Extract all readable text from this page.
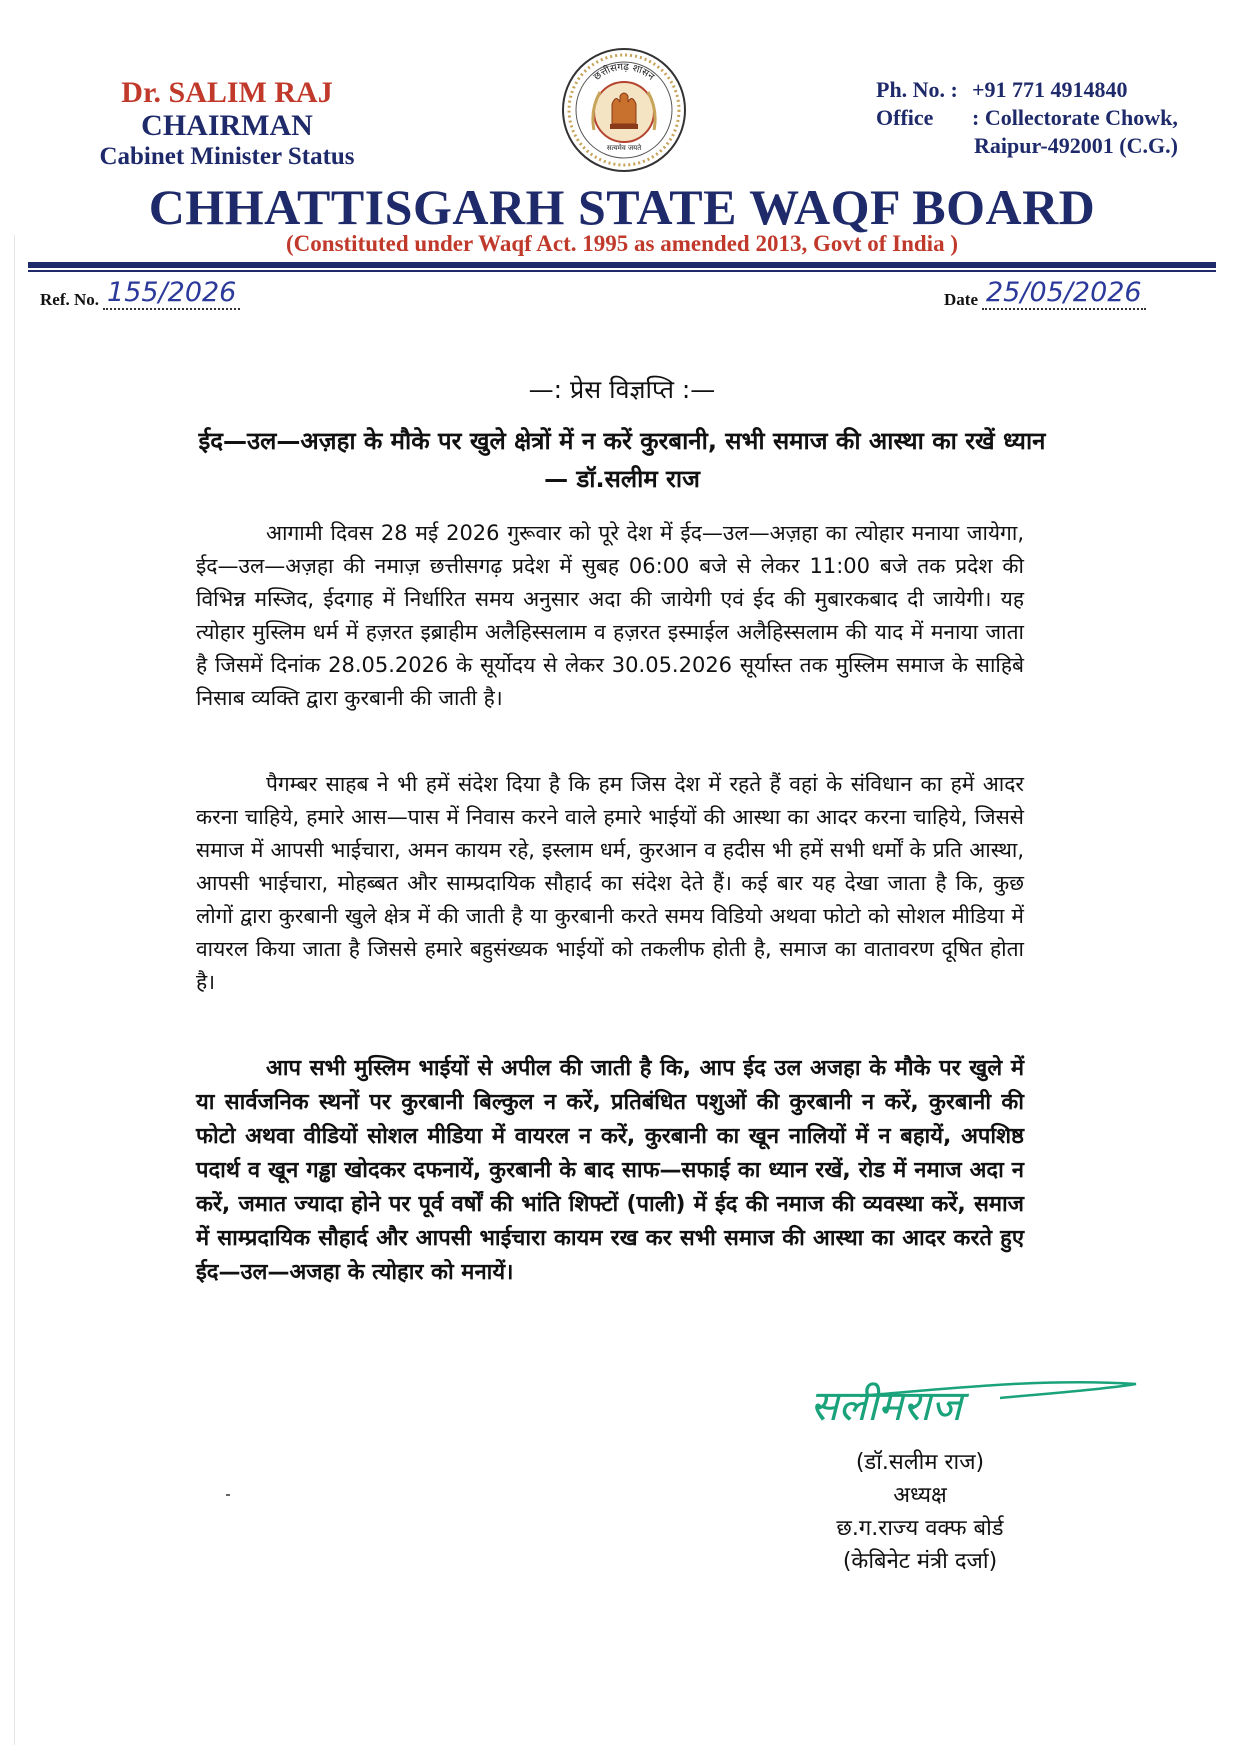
Dr. SALIM RAJ
CHAIRMAN
Cabinet Minister Status
छत्तीसगढ़ शासन
सत्यमेव जयते
Ph. No. : +91 771 4914840
Office	: Collectorate Chowk,
Raipur-492001 (C.G.)
CHHATTISGARH STATE WAQF BOARD
(Constituted under Waqf Act. 1995 as amended 2013, Govt of India )
Ref. No. 155/2026	Date 25/05/2026
—: प्रेस विज्ञप्ति :—
ईद—उल—अज़हा के मौके पर खुले क्षेत्रों में न करें कुरबानी, सभी समाज की आस्था का रखें ध्यान — डॉ.सलीम राज
आगामी दिवस 28 मई 2026 गुरूवार को पूरे देश में ईद—उल—अज़हा का त्योहार मनाया जायेगा, ईद—उल—अज़हा की नमाज़ छत्तीसगढ़ प्रदेश में सुबह 06:00 बजे से लेकर 11:00 बजे तक प्रदेश की विभिन्न मस्जिद, ईदगाह में निर्धारित समय अनुसार अदा की जायेगी एवं ईद की मुबारकबाद दी जायेगी। यह त्योहार मुस्लिम धर्म में हज़रत इब्राहीम अलैहिस्सलाम व हज़रत इस्माईल अलैहिस्सलाम की याद में मनाया जाता है जिसमें दिनांक 28.05.2026 के सूर्योदय से लेकर 30.05.2026 सूर्यास्त तक मुस्लिम समाज के साहिबे निसाब व्यक्ति द्वारा कुरबानी की जाती है।
पैगम्बर साहब ने भी हमें संदेश दिया है कि हम जिस देश में रहते हैं वहां के संविधान का हमें आदर करना चाहिये, हमारे आस—पास में निवास करने वाले हमारे भाईयों की आस्था का आदर करना चाहिये, जिससे समाज में आपसी भाईचारा, अमन कायम रहे, इस्लाम धर्म, कुरआन व हदीस भी हमें सभी धर्मों के प्रति आस्था, आपसी भाईचारा, मोहब्बत और साम्प्रदायिक सौहार्द का संदेश देते हैं। कई बार यह देखा जाता है कि, कुछ लोगों द्वारा कुरबानी खुले क्षेत्र में की जाती है या कुरबानी करते समय विडियो अथवा फोटो को सोशल मीडिया में वायरल किया जाता है जिससे हमारे बहुसंख्यक भाईयों को तकलीफ होती है, समाज का वातावरण दूषित होता है।
आप सभी मुस्लिम भाईयों से अपील की जाती है कि, आप ईद उल अजहा के मौके पर खुले में या सार्वजनिक स्थनों पर कुरबानी बिल्कुल न करें, प्रतिबंधित पशुओं की कुरबानी न करें, कुरबानी की फोटो अथवा वीडियों सोशल मीडिया में वायरल न करें, कुरबानी का खून नालियों में न बहायें, अपशिष्ठ पदार्थ व खून गड्ढा खोदकर दफनायें, कुरबानी के बाद साफ—सफाई का ध्यान रखें, रोड में नमाज अदा न करें, जमात ज्यादा होने पर पूर्व वर्षों की भांति शिफ्टों (पाली) में ईद की नमाज की व्यवस्था करें, समाज में साम्प्रदायिक सौहार्द और आपसी भाईचारा कायम रख कर सभी समाज की आस्था का आदर करते हुए ईद—उल—अजहा के त्योहार को मनायें।
सलीमराज
(डॉ.सलीम राज)
अध्यक्ष
छ.ग.राज्य वक्फ बोर्ड
(केबिनेट मंत्री दर्जा)
